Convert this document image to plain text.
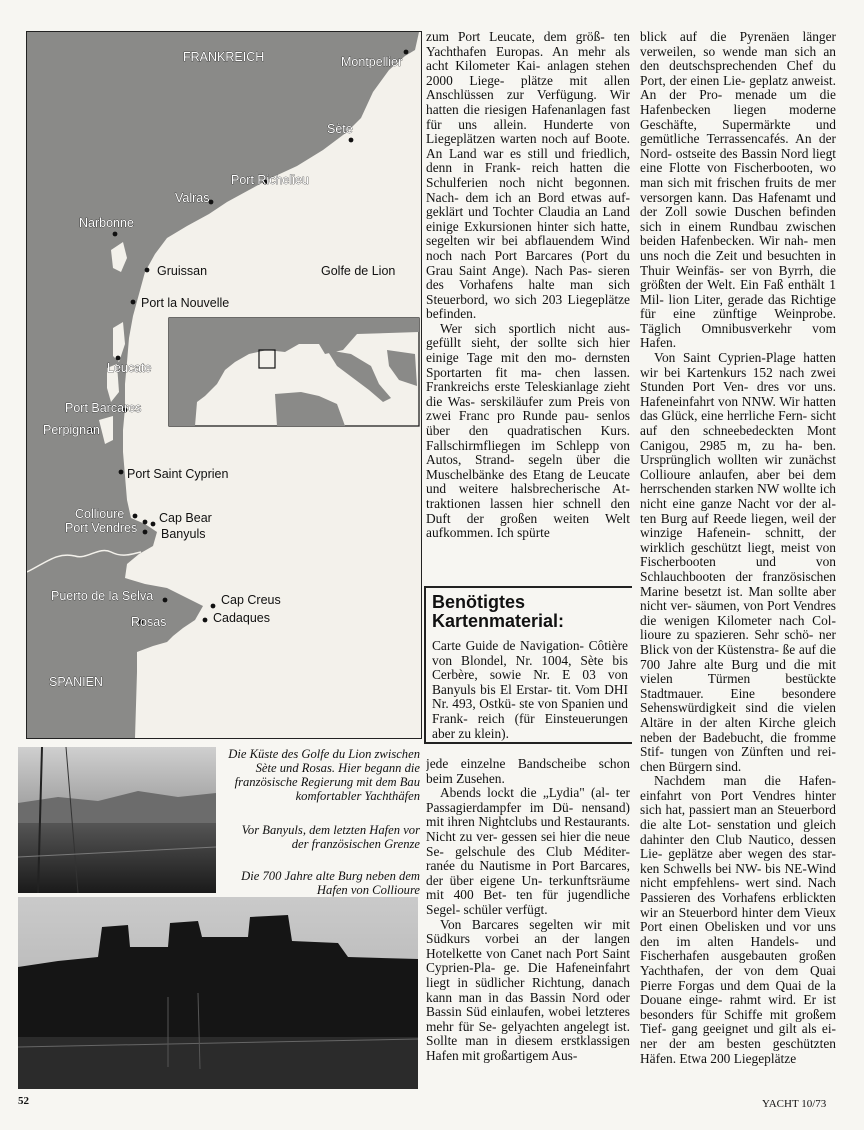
FRANKREICH	Montpellier
Sète
Port Richelieu
Valras
Narbonne
Gruissan	Golfe de Lion
Port la Nouvelle
Leucate
Port Barcares
Perpignan
Port Saint Cyprien
Collioure
Port Vendres
Cap Bear
Banyuls
Puerto de la Selva	Cap Creus
Rosas	Cadaques
SPANIEN
Die Küste des Golfe du Lion zwischen Sète und Rosas. Hier begann die französische Regierung mit dem Bau komfortabler Yachthäfen
Vor Banyuls, dem letzten Hafen vor der französischen Grenze
Die 700 Jahre alte Burg neben dem Hafen von Collioure

zum Port Leucate, dem größ- ten Yachthafen Europas. An mehr als acht Kilometer Kai- anlagen stehen 2000 Liege- plätze mit allen Anschlüssen zur Verfügung. Wir hatten die riesigen Hafenanlagen fast für uns allein. Hunderte von Liegeplätzen warten noch auf Boote. An Land war es still und friedlich, denn in Frank- reich hatten die Schulferien noch nicht begonnen. Nach- dem ich an Bord etwas auf- geklärt und Tochter Claudia an Land einige Exkursionen hinter sich hatte, segelten wir bei abflauendem Wind noch nach Port Barcares (Port du Grau Saint Ange). Nach Pas- sieren des Vorhafens halte man sich Steuerbord, wo sich 203 Liegeplätze befinden.

Wer sich sportlich nicht aus- gefüllt sieht, der sollte sich hier einige Tage mit den mo- dernsten Sportarten fit ma- chen lassen. Frankreichs erste Teleskianlage zieht die Was- serskiläufer zum Preis von zwei Franc pro Runde pau- senlos über den quadratischen Kurs. Fallschirmfliegen im Schlepp von Autos, Strand- segeln über die Muschelbänke des Etang de Leucate und weitere halsbrecherische At- traktionen lassen hier schnell den Duft der großen weiten Welt aufkommen. Ich spürte

Benötigtes Kartenmaterial:

Carte Guide de Navigation- Côtière von Blondel, Nr. 1004, Sète bis Cerbère, sowie Nr. E 03 von Banyuls bis El Erstar- tit. Vom DHI Nr. 493, Ostkü- ste von Spanien und Frank- reich (für Einsteuerungen aber zu klein).

jede einzelne Bandscheibe schon beim Zusehen.

Abends lockt die „Lydia" (al- ter Passagierdampfer im Dü- nensand) mit ihren Nightclubs und Restaurants. Nicht zu ver- gessen sei hier die neue Se- gelschule des Club Méditer- ranée du Nautisme in Port Barcares, der über eigene Un- terkunftsräume mit 400 Bet- ten für jugendliche Segel- schüler verfügt.

Von Barcares segelten wir mit Südkurs vorbei an der langen Hotelkette von Canet nach Port Saint Cyprien-Pla- ge. Die Hafeneinfahrt liegt in südlicher Richtung, danach kann man in das Bassin Nord oder Bassin Süd einlaufen, wobei letzteres mehr für Se- gelyachten angelegt ist. Sollte man in diesem erstklassigen Hafen mit großartigem Aus-

blick auf die Pyrenäen länger verweilen, so wende man sich an den deutschsprechenden Chef du Port, der einen Lie- geplatz anweist. An der Pro- menade um die Hafenbecken liegen moderne Geschäfte, Supermärkte und gemütliche Terrassencafés. An der Nord- ostseite des Bassin Nord liegt eine Flotte von Fischerbooten, wo man sich mit frischen fruits de mer versorgen kann. Das Hafenamt und der Zoll sowie Duschen befinden sich in einem Rundbau zwischen beiden Hafenbecken. Wir nah- men uns noch die Zeit und besuchten in Thuir Weinfäs- ser von Byrrh, die größten der Welt. Ein Faß enthält 1 Mil- lion Liter, gerade das Richtige für eine zünftige Weinprobe. Täglich Omnibusverkehr vom Hafen.

Von Saint Cyprien-Plage hatten wir bei Kartenkurs 152 nach zwei Stunden Port Ven- dres vor uns. Hafeneinfahrt von NNW. Wir hatten das Glück, eine herrliche Fern- sicht auf den schneebedeckten Mont Canigou, 2985 m, zu ha- ben. Ursprünglich wollten wir zunächst Collioure anlaufen, aber bei dem herrschenden starken NW wollte ich nicht eine ganze Nacht vor der al- ten Burg auf Reede liegen, weil der winzige Hafenein- schnitt, der wirklich geschützt liegt, meist von Fischerbooten und von Schlauchbooten der französischen Marine besetzt ist. Man sollte aber nicht ver- säumen, von Port Vendres die wenigen Kilometer nach Col- lioure zu spazieren. Sehr schö- ner Blick von der Küstenstra- ße auf die 700 Jahre alte Burg und die mit vielen Türmen bestückte Stadtmauer. Eine besondere Sehenswürdigkeit sind die vielen Altäre in der alten Kirche gleich neben der Badebucht, die fromme Stif- tungen von Zünften und rei- chen Bürgern sind.

Nachdem man die Hafen- einfahrt von Port Vendres hinter sich hat, passiert man an Steuerbord die alte Lot- senstation und gleich dahinter den Club Nautico, dessen Lie- geplätze aber wegen des star- ken Schwells bei NW- bis NE-Wind nicht empfehlens- wert sind. Nach Passieren des Vorhafens erblickten wir an Steuerbord hinter dem Vieux Port einen Obelisken und vor uns den im alten Handels- und Fischerhafen ausgebauten großen Yachthafen, der von dem Quai Pierre Forgas und dem Quai de la Douane einge- rahmt wird. Er ist besonders für Schiffe mit großem Tief- gang geeignet und gilt als ei- ner der am besten geschützten Häfen. Etwa 200 Liegeplätze

52	YACHT 10/73
